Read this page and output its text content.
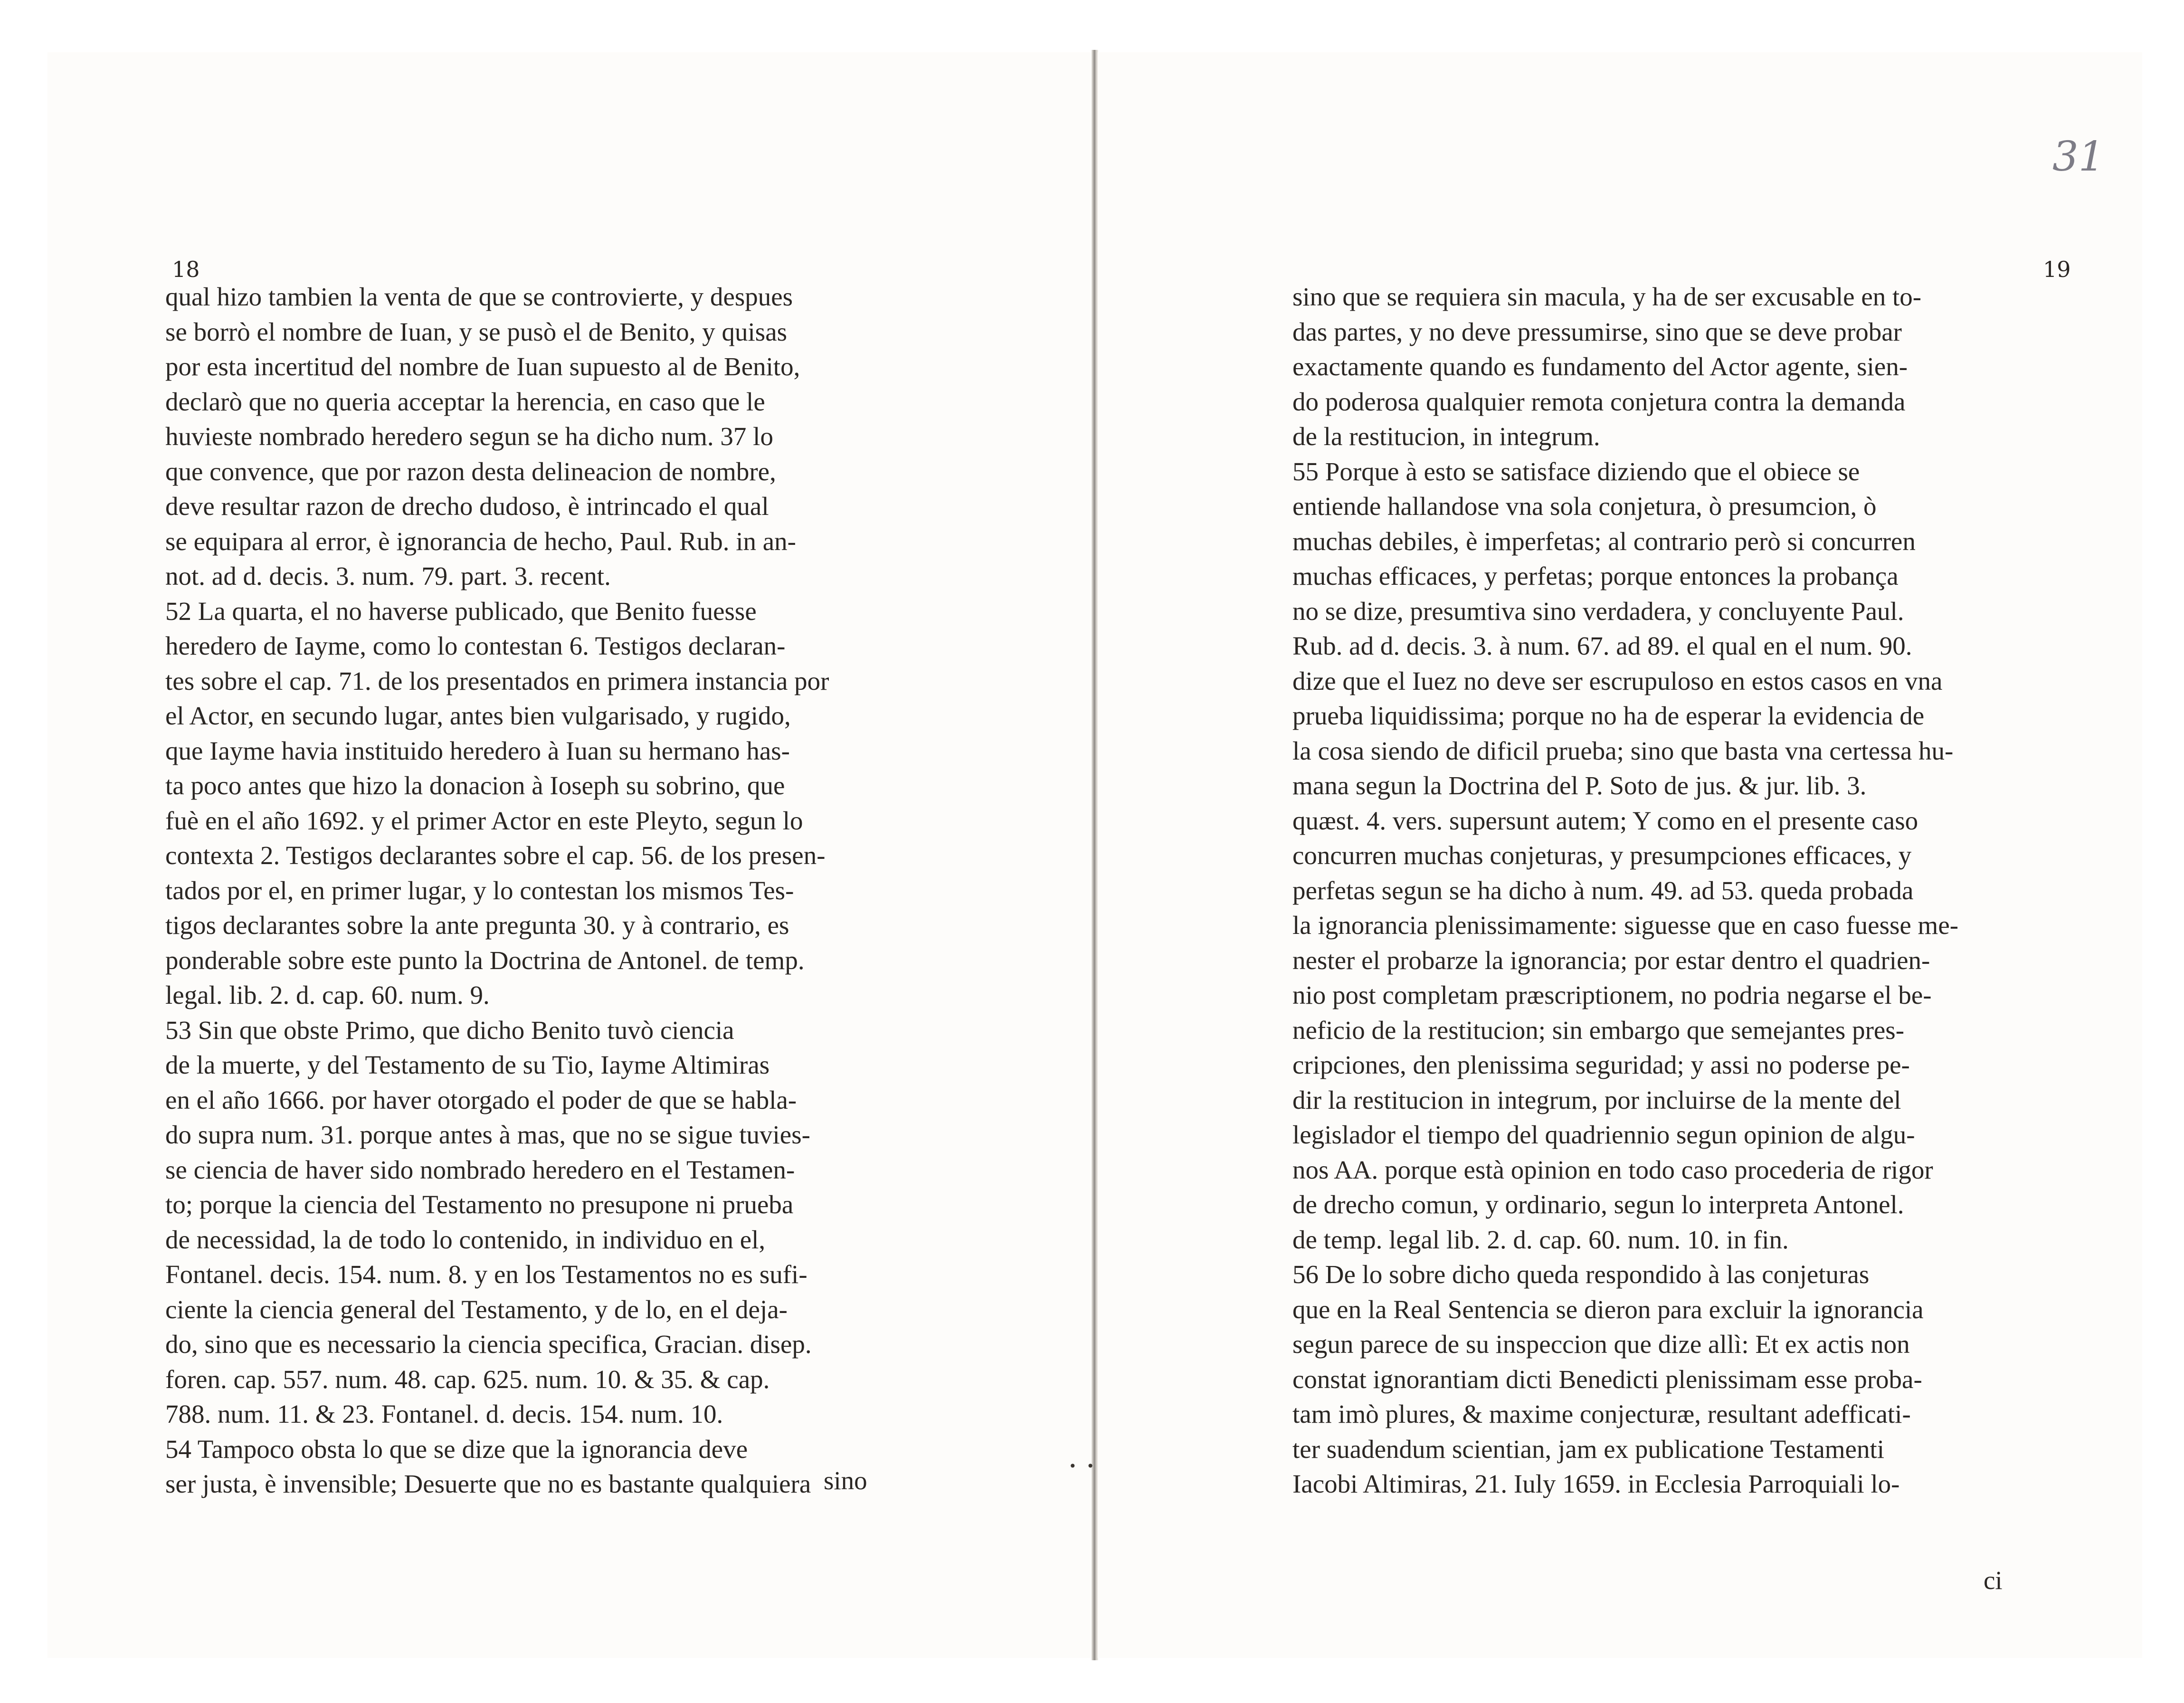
18
qual hizo tambien la venta de que se controvierte, y despues
se borrò el nombre de Iuan, y se pusò el de Benito, y quisas
por esta incertitud del nombre de Iuan supuesto al de Benito,
declarò que no queria acceptar la herencia, en caso que le
huvieste nombrado heredero segun se ha dicho num. 37 lo
que convence, que por razon desta delineacion de nombre,
deve resultar razon de drecho dudoso, è intrincado el qual
se equipara al error, è ignorancia de hecho, Paul. Rub. in an-
not. ad d. decis. 3. num. 79. part. 3. recent.
52 La quarta, el no haverse publicado, que Benito fuesse
heredero de Iayme, como lo contestan 6. Testigos declaran-
tes sobre el cap. 71. de los presentados en primera instancia por
el Actor, en secundo lugar, antes bien vulgarisado, y rugido,
que Iayme havia instituido heredero à Iuan su hermano has-
ta poco antes que hizo la donacion à Ioseph su sobrino, que
fuè en el año 1692. y el primer Actor en este Pleyto, segun lo
contexta 2. Testigos declarantes sobre el cap. 56. de los presen-
tados por el, en primer lugar, y lo contestan los mismos Tes-
tigos declarantes sobre la ante pregunta 30. y à contrario, es
ponderable sobre este punto la Doctrina de Antonel. de temp.
legal. lib. 2. d. cap. 60. num. 9.
53 Sin que obste Primo, que dicho Benito tuvò ciencia
de la muerte, y del Testamento de su Tio, Iayme Altimiras
en el año 1666. por haver otorgado el poder de que se habla-
do supra num. 31. porque antes à mas, que no se sigue tuvies-
se ciencia de haver sido nombrado heredero en el Testamen-
to; porque la ciencia del Testamento no presupone ni prueba
de necessidad, la de todo lo contenido, in individuo en el,
Fontanel. decis. 154. num. 8. y en los Testamentos no es sufi-
ciente la ciencia general del Testamento, y de lo, en el deja-
do, sino que es necessario la ciencia specifica, Gracian. disep.
foren. cap. 557. num. 48. cap. 625. num. 10. & 35. & cap.
788. num. 11. & 23. Fontanel. d. decis. 154. num. 10.
54 Tampoco obsta lo que se dize que la ignorancia deve
ser justa, è invensible; Desuerte que no es bastante qualquiera sino	• •
31
19
sino que se requiera sin macula, y ha de ser excusable en to-
das partes, y no deve pressumirse, sino que se deve probar
exactamente quando es fundamento del Actor agente, sien-
do poderosa qualquier remota conjetura contra la demanda
de la restitucion, in integrum.
55 Porque à esto se satisface diziendo que el obiece se
entiende hallandose vna sola conjetura, ò presumcion, ò
muchas debiles, è imperfetas; al contrario però si concurren
muchas efficaces, y perfetas; porque entonces la probança
no se dize, presumtiva sino verdadera, y concluyente Paul.
Rub. ad d. decis. 3. à num. 67. ad 89. el qual en el num. 90.
dize que el Iuez no deve ser escrupuloso en estos casos en vna
prueba liquidissima; porque no ha de esperar la evidencia de
la cosa siendo de dificil prueba; sino que basta vna certessa hu-
mana segun la Doctrina del P. Soto de jus. & jur. lib. 3.
quæst. 4. vers. supersunt autem; Y como en el presente caso
concurren muchas conjeturas, y presumpciones efficaces, y
perfetas segun se ha dicho à num. 49. ad 53. queda probada
la ignorancia plenissimamente: siguesse que en caso fuesse me-
nester el probarze la ignorancia; por estar dentro el quadrien-
nio post completam præscriptionem, no podria negarse el be-
neficio de la restitucion; sin embargo que semejantes pres-
cripciones, den plenissima seguridad; y assi no poderse pe-
dir la restitucion in integrum, por incluirse de la mente del
legislador el tiempo del quadriennio segun opinion de algu-
nos AA. porque està opinion en todo caso procederia de rigor
de drecho comun, y ordinario, segun lo interpreta Antonel.
de temp. legal lib. 2. d. cap. 60. num. 10. in fin.
56 De lo sobre dicho queda respondido à las conjeturas
que en la Real Sentencia se dieron para excluir la ignorancia
segun parece de su inspeccion que dize allì: Et ex actis non
constat ignorantiam dicti Benedicti plenissimam esse proba-
tam imò plures, & maxime conjecturæ, resultant adefficati-
ter suadendum scientian, jam ex publicatione Testamenti
Iacobi Altimiras, 21. Iuly 1659. in Ecclesia Parroquiali lo-
ci
